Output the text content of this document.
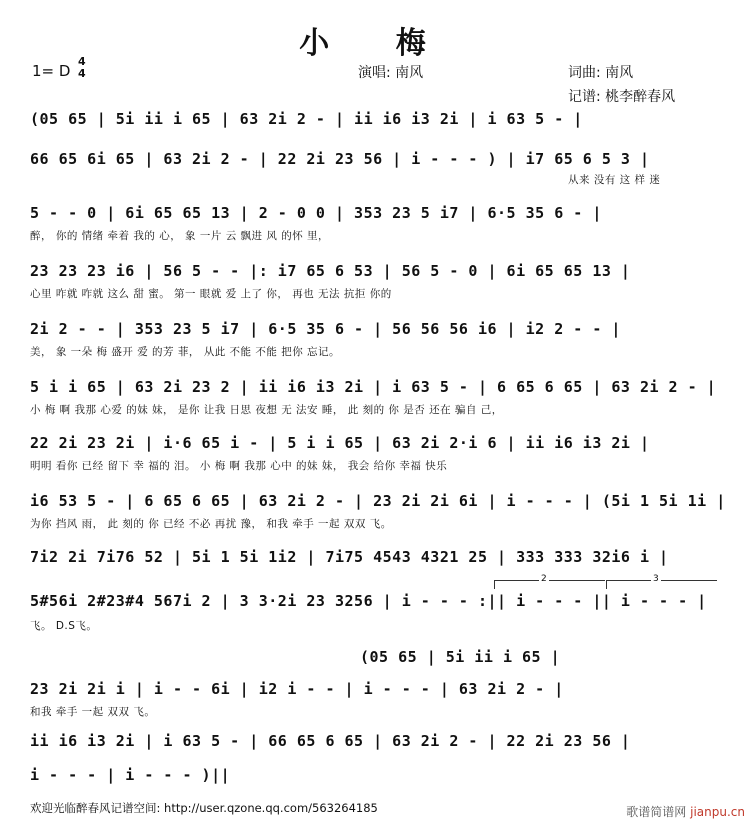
小 梅
演唱: 南风	词曲: 南风
记谱: 桃李醉春风
1= D
4
4
(05 65 | 5i ii i 65 | 63 2i 2 - | ii i6 i3 2i | i 63 5 - |
66 65 6i 65 | 63 2i 2 - | 22 2i 23 56 | i - - - ) | i7 65 6 5 3 |
从来 没有 这 样 迷
5 - - 0 | 6i 65 65 13 | 2 - 0 0 | 353 23 5 i7 | 6·5 35 6 - |
醉， 你的 情绪 牵着 我的 心， 象 一片 云 飘进 风 的怀 里，
23 23 23 i6 | 56 5 - - |: i7 65 6 53 | 56 5 - 0 | 6i 65 65 13 |
心里 咋就 咋就 这么 甜 蜜。 第一 眼就 爱 上了 你， 再也 无法 抗拒 你的
2i 2 - - | 353 23 5 i7 | 6·5 35 6 - | 56 56 56 i6 | i2 2 - - |
美， 象 一朵 梅 盛开 爱 的芳 菲， 从此 不能 不能 把你 忘记。
5 i i 65 | 63 2i 23 2 | ii i6 i3 2i | i 63 5 - | 6 65 6 65 | 63 2i 2 - |
小 梅 啊 我那 心爱 的妹 妹， 是你 让我 日思 夜想 无 法安 睡， 此 刻的 你 是否 还在 骗自 己，
22 2i 23 2i | i·6 65 i - | 5 i i 65 | 63 2i 2·i 6 | ii i6 i3 2i |
明明 看你 已经 留下 幸 福的 泪。 小 梅 啊 我那 心中 的妹 妹， 我会 给你 幸福 快乐
i6 53 5 - | 6 65 6 65 | 63 2i 2 - | 23 2i 2i 6i | i - - - | (5i 1 5i 1i |
为你 挡风 雨， 此 刻的 你 已经 不必 再扰 豫， 和我 牵手 一起 双双 飞。
7i2 2i 7i76 52 | 5i 1 5i 1i2 | 7i75 4543 4321 25 | 333 333 32i6 i |
2	3
5#56i 2#23#4 567i 2 | 3 3·2i 23 3256 | i - - - :|| i - - - || i - - - |
飞。 D.S飞。
(05 65 | 5i ii i 65 |
23 2i 2i i | i - - 6i | i2 i - - | i - - - | 63 2i 2 - |
和我 牵手 一起 双双 飞。
ii i6 i3 2i | i 63 5 - | 66 65 6 65 | 63 2i 2 - | 22 2i 23 56 |
i - - - | i - - - )||
欢迎光临醉春风记谱空间: http://user.qzone.qq.com/563264185	歌谱简谱网 jianpu.cn
